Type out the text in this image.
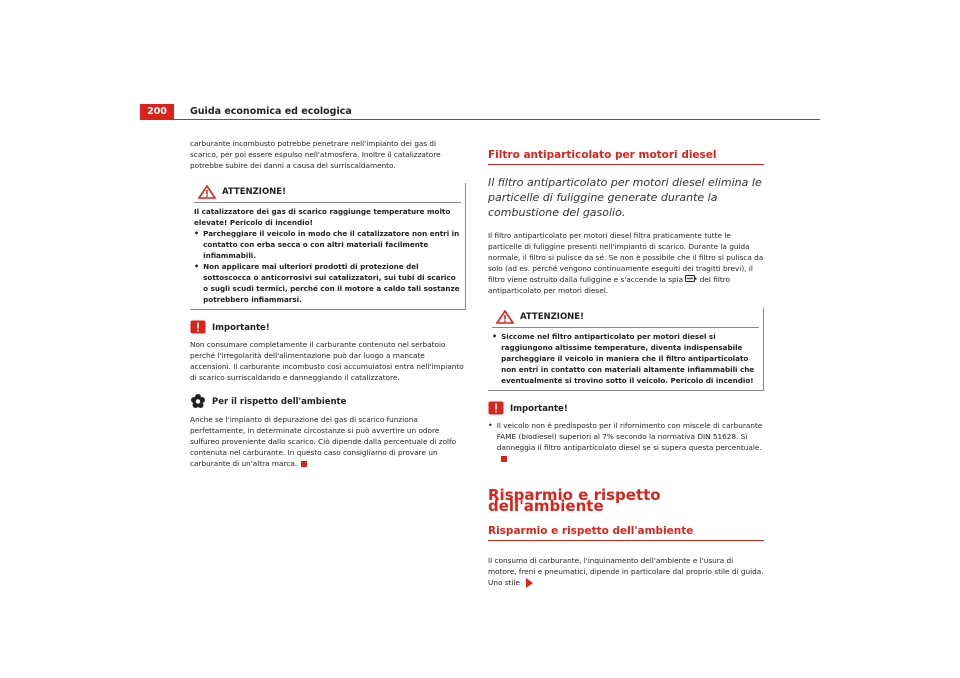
200	Guida economica ed ecologica

carburante incombusto potrebbe penetrare nell'impianto dei gas di scarico, per poi essere espulso nell'atmosfera. Inoltre il catalizzatore potrebbe subire dei danni a causa del surriscaldamento.

ATTENZIONE!

Il catalizzatore dei gas di scarico raggiunge temperature molto elevate! Pericolo di incendio!

• Parcheggiare il veicolo in modo che il catalizzatore non entri in contatto con erba secca o con altri materiali facilmente infiammabili.
• Non applicare mai ulteriori prodotti di protezione del sottoscocca o anticorrosivi sui catalizzatori, sui tubi di scarico o sugli scudi termici, perché con il motore a caldo tali sostanze potrebbero infiammarsi.
Importante!

Non consumare completamente il carburante contenuto nel serbatoio perché l'irregolarità dell'alimentazione può dar luogo a mancate accensioni. Il carburante incombusto così accumulatosi entra nell'impianto di scarico surriscaldando e danneggiando il catalizzatore.

Per il rispetto dell'ambiente

Anche se l'impianto di depurazione dei gas di scarico funziona perfettamente, in determinate circostanze si può avvertire un odore sulfureo proveniente dallo scarico. Ciò dipende dalla percentuale di zolfo contenuta nel carburante. In questo caso consigliamo di provare un carburante di un'altra marca.

Filtro antiparticolato per motori diesel

Il filtro antiparticolato per motori diesel elimina le particelle di fuliggine generate durante la combustione del gasolio.

Il filtro antiparticolato per motori diesel filtra praticamente tutte le particelle di fuliggine presenti nell'impianto di scarico. Durante la guida normale, il filtro si pulisce da sé. Se non è possibile che il filtro si pulisca da solo (ad es. perché vengono continuamente eseguiti dei tragitti brevi), il filtro viene ostruito dalla fuliggine e s'accende la spia del filtro antiparticolato per motori diesel.

ATTENZIONE!
• Siccome nel filtro antiparticolato per motori diesel si raggiungono altissime temperature, diventa indispensabile parcheggiare il veicolo in maniera che il filtro antiparticolato non entri in contatto con materiali altamente infiammabili che eventualmente si trovino sotto il veicolo. Pericolo di incendio!
Importante!
• Il veicolo non è predisposto per il rifornimento con miscele di carburante FAME (biodiesel) superiori al 7% secondo la normativa DIN 51628. Si danneggia il filtro antiparticolato diesel se si supera questa percentuale.
Risparmio e rispetto dell'ambiente
Risparmio e rispetto dell'ambiente

Il consumo di carburante, l'inquinamento dell'ambiente e l'usura di motore, freni e pneumatici, dipende in particolare dal proprio stile di guida. Uno stile
